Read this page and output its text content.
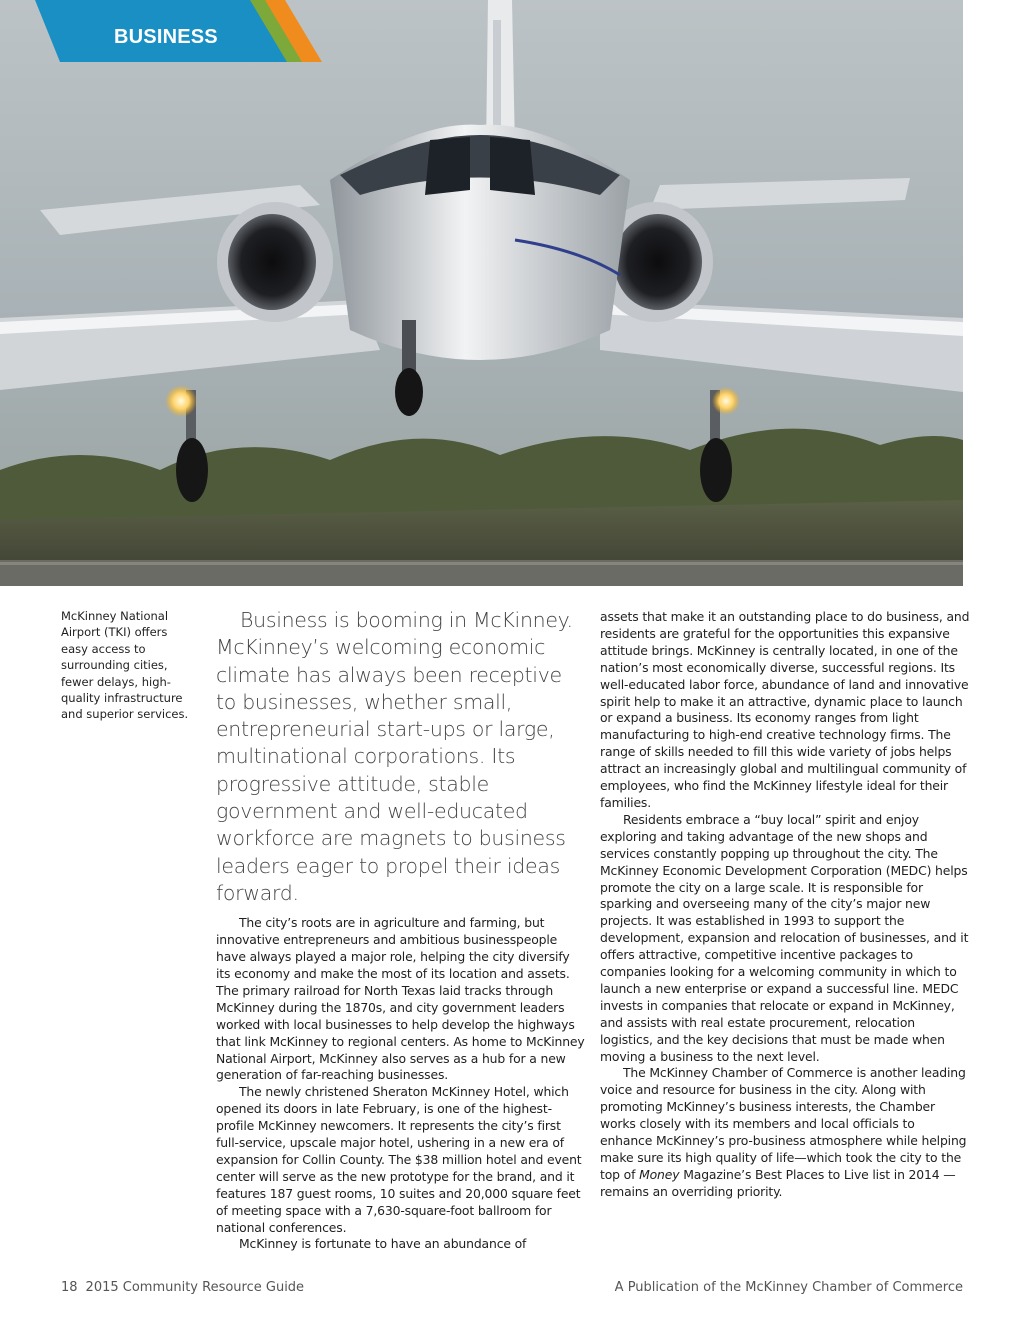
BUSINESS
McKinney National Airport (TKI) offers easy access to surrounding cities, fewer delays, high-quality infrastructure and superior services.

Business is booming in McKinney. McKinney’s welcoming economic climate has always been receptive to businesses, whether small, entrepreneurial start-ups or large, multinational corporations. Its progressive attitude, stable government and well-educated workforce are magnets to business leaders eager to propel their ideas forward.

The city’s roots are in agriculture and farming, but innovative entrepreneurs and ambitious businesspeople have always played a major role, helping the city diversify its economy and make the most of its location and assets. The primary railroad for North Texas laid tracks through McKinney during the 1870s, and city government leaders worked with local businesses to help develop the highways that link McKinney to regional centers. As home to McKinney National Airport, McKinney also serves as a hub for a new generation of far-reaching businesses.

The newly christened Sheraton McKinney Hotel, which opened its doors in late February, is one of the highest-profile McKinney newcomers. It represents the city’s first full-service, upscale major hotel, ushering in a new era of expansion for Collin County. The $38 million hotel and event center will serve as the new prototype for the brand, and it features 187 guest rooms, 10 suites and 20,000 square feet of meeting space with a 7,630-square-foot ballroom for national conferences.

McKinney is fortunate to have an abundance of

assets that make it an outstanding place to do business, and residents are grateful for the opportunities this expansive attitude brings. McKinney is centrally located, in one of the nation’s most economically diverse, successful regions. Its well-educated labor force, abundance of land and innovative spirit help to make it an attractive, dynamic place to launch or expand a business. Its economy ranges from light manufacturing to high-end creative technology firms. The range of skills needed to fill this wide variety of jobs helps attract an increasingly global and multilingual community of employees, who find the McKinney lifestyle ideal for their families.

Residents embrace a “buy local” spirit and enjoy exploring and taking advantage of the new shops and services constantly popping up throughout the city. The McKinney Economic Development Corporation (MEDC) helps promote the city on a large scale. It is responsible for sparking and overseeing many of the city’s major new projects. It was established in 1993 to support the development, expansion and relocation of businesses, and it offers attractive, competitive incentive packages to companies looking for a welcoming community in which to launch a new enterprise or expand a successful line. MEDC invests in companies that relocate or expand in McKinney, and assists with real estate procurement, relocation logistics, and the key decisions that must be made when moving a business to the next level.

The McKinney Chamber of Commerce is another leading voice and resource for business in the city. Along with promoting McKinney’s business interests, the Chamber works closely with its members and local officials to enhance McKinney’s pro-business atmosphere while helping make sure its high quality of life—which took the city to the top of Money Magazine’s Best Places to Live list in 2014 — remains an overriding priority.

18 2015 Community Resource Guide	A Publication of the McKinney Chamber of Commerce
